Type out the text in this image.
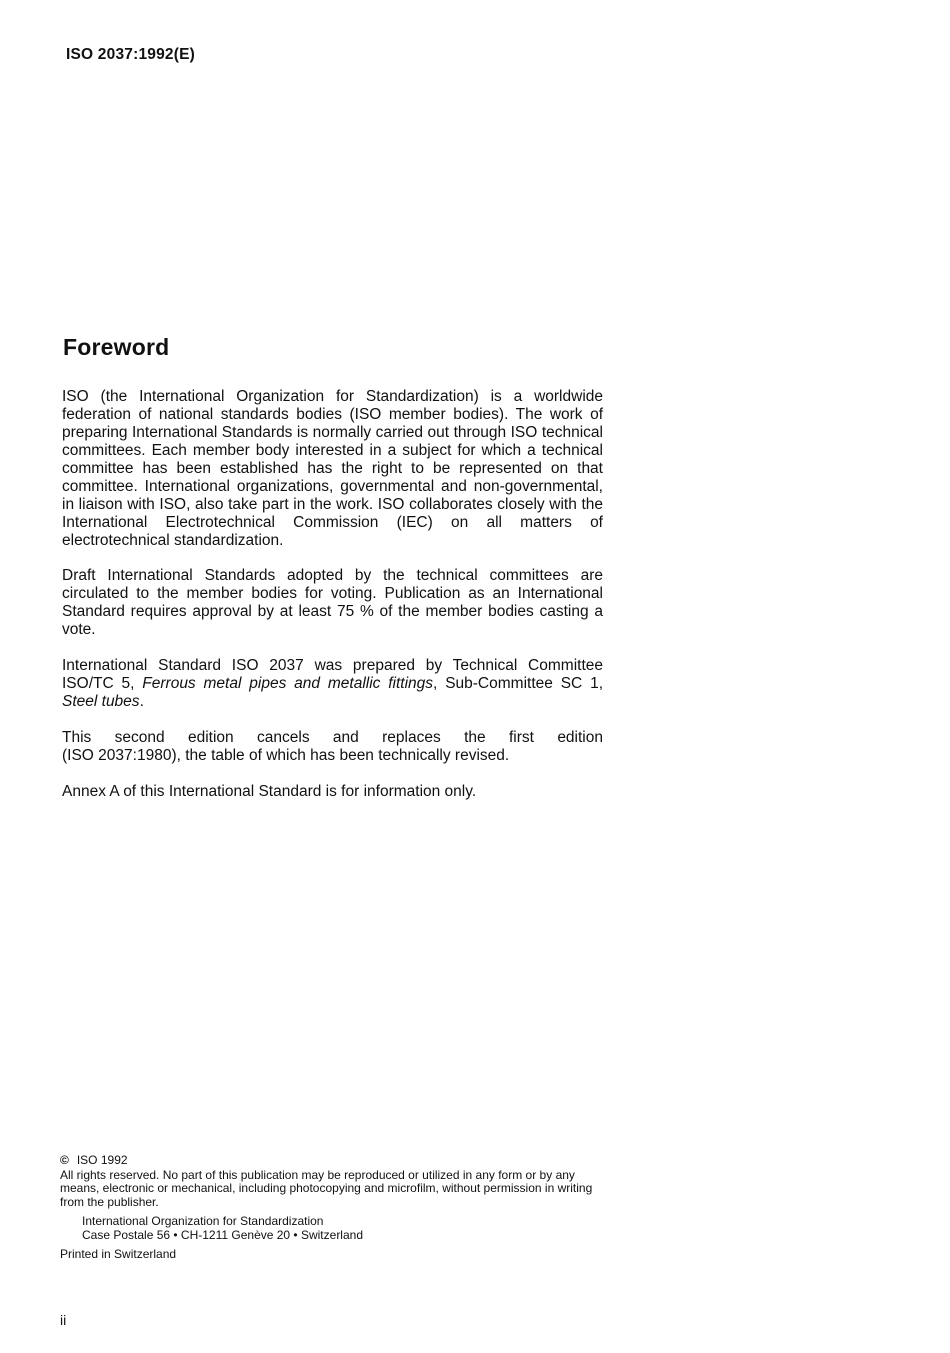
ISO 2037:1992(E)
Foreword

ISO (the International Organization for Standardization) is a worldwide federation of national standards bodies (ISO member bodies). The work of preparing International Standards is normally carried out through ISO technical committees. Each member body interested in a subject for which a technical committee has been established has the right to be represented on that committee. International organizations, governmental and non-governmental, in liaison with ISO, also take part in the work. ISO collaborates closely with the International Electrotechnical Commission (IEC) on all matters of electrotechnical standardization.

Draft International Standards adopted by the technical committees are circulated to the member bodies for voting. Publication as an International Standard requires approval by at least 75 % of the member bodies casting a vote.

International Standard ISO 2037 was prepared by Technical Committee ISO/TC 5, Ferrous metal pipes and metallic fittings, Sub-Committee SC 1, Steel tubes.

This second edition cancels and replaces the first edition
(ISO 2037:1980), the table of which has been technically revised.

Annex A of this International Standard is for information only.

© ISO 1992
All rights reserved. No part of this publication may be reproduced or utilized in any form or by any means, electronic or mechanical, including photocopying and microfilm, without permission in writing from the publisher.
International Organization for Standardization
Case Postale 56 • CH-1211 Genève 20 • Switzerland
Printed in Switzerland
ii
